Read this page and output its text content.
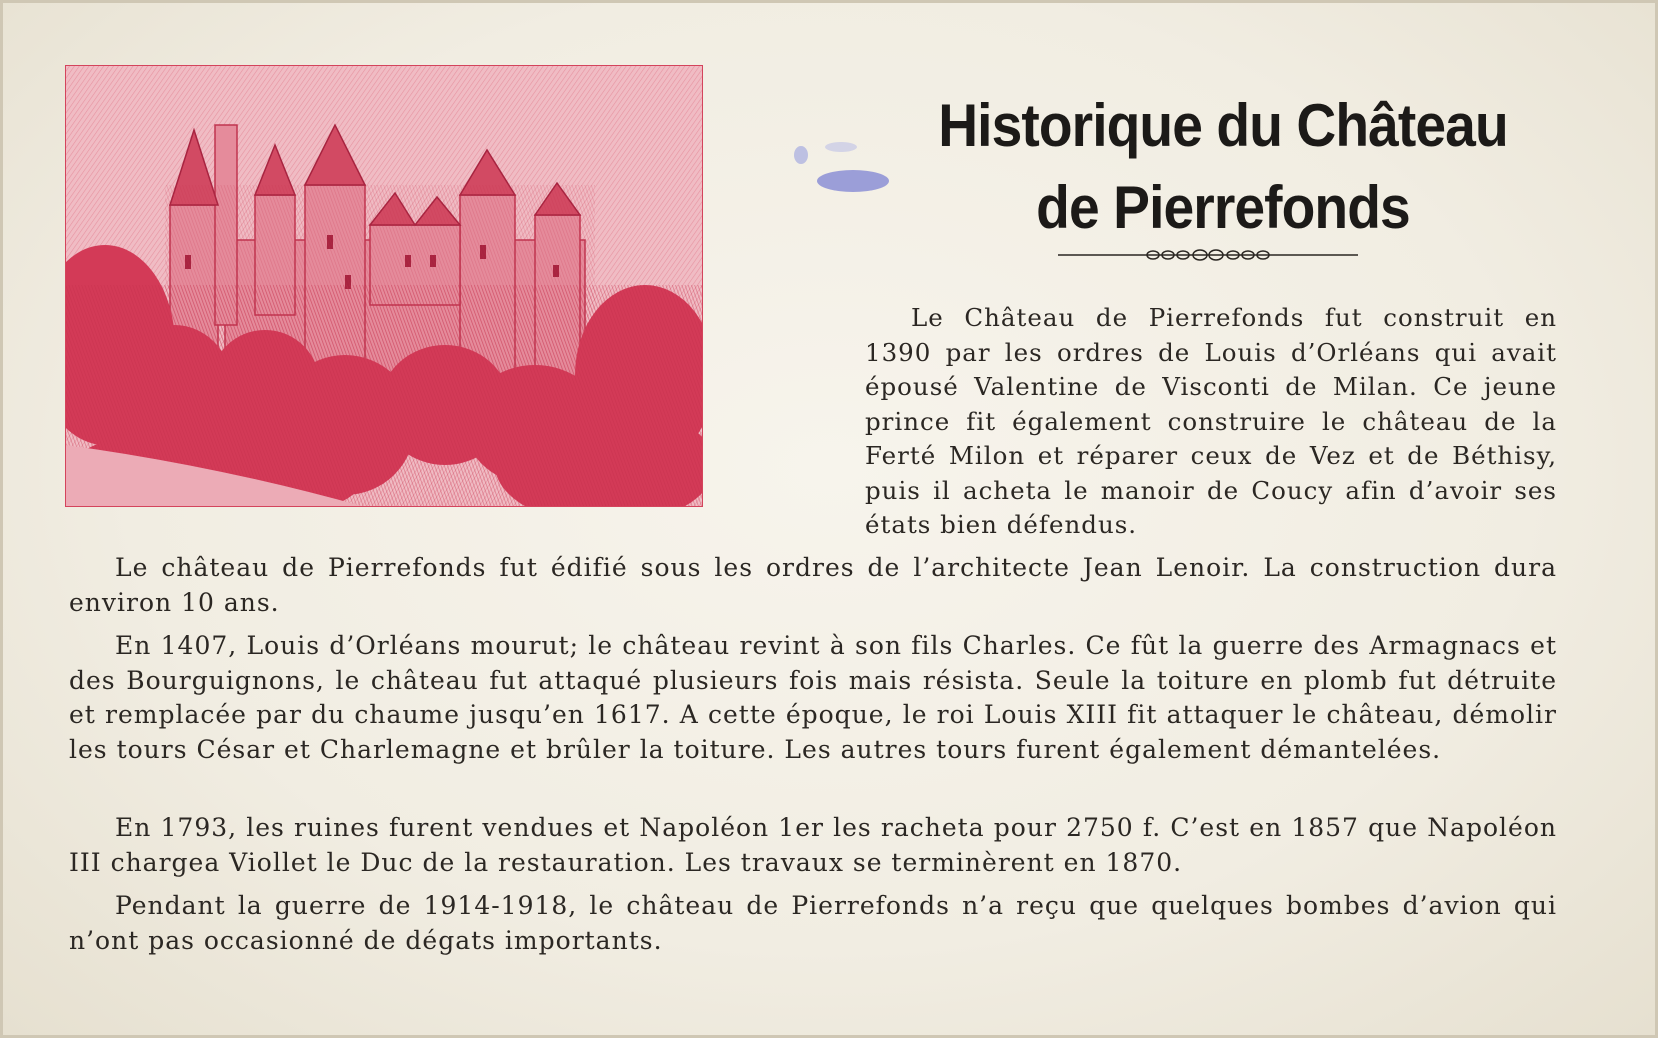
Historique du Château
de Pierrefonds
Le Château de Pierrefonds fut construit en 1390 par les ordres de Louis d’Orléans qui avait épousé Valentine de Visconti de Milan. Ce jeune prince fit également construire le château de la Ferté Milon et réparer ceux de Vez et de Béthisy, puis il acheta le manoir de Coucy afin d’avoir ses états bien défendus.
Le château de Pierrefonds fut édifié sous les ordres de l’architecte Jean Lenoir. La construction dura environ 10 ans.
En 1407, Louis d’Orléans mourut; le château revint à son fils Charles. Ce fût la guerre des Armagnacs et des Bourguignons, le château fut attaqué plusieurs fois mais résista. Seule la toiture en plomb fut détruite et remplacée par du chaume jusqu’en 1617. A cette époque, le roi Louis XIII fit attaquer le château, démolir les tours César et Charlemagne et brûler la toiture. Les autres tours furent également démantelées.
En 1793, les ruines furent vendues et Napoléon 1er les racheta pour 2750 f. C’est en 1857 que Napoléon III chargea Viollet le Duc de la restauration. Les travaux se terminèrent en 1870.
Pendant la guerre de 1914-1918, le château de Pierrefonds n’a reçu que quelques bombes d’avion qui n’ont pas occasionné de dégats importants.
